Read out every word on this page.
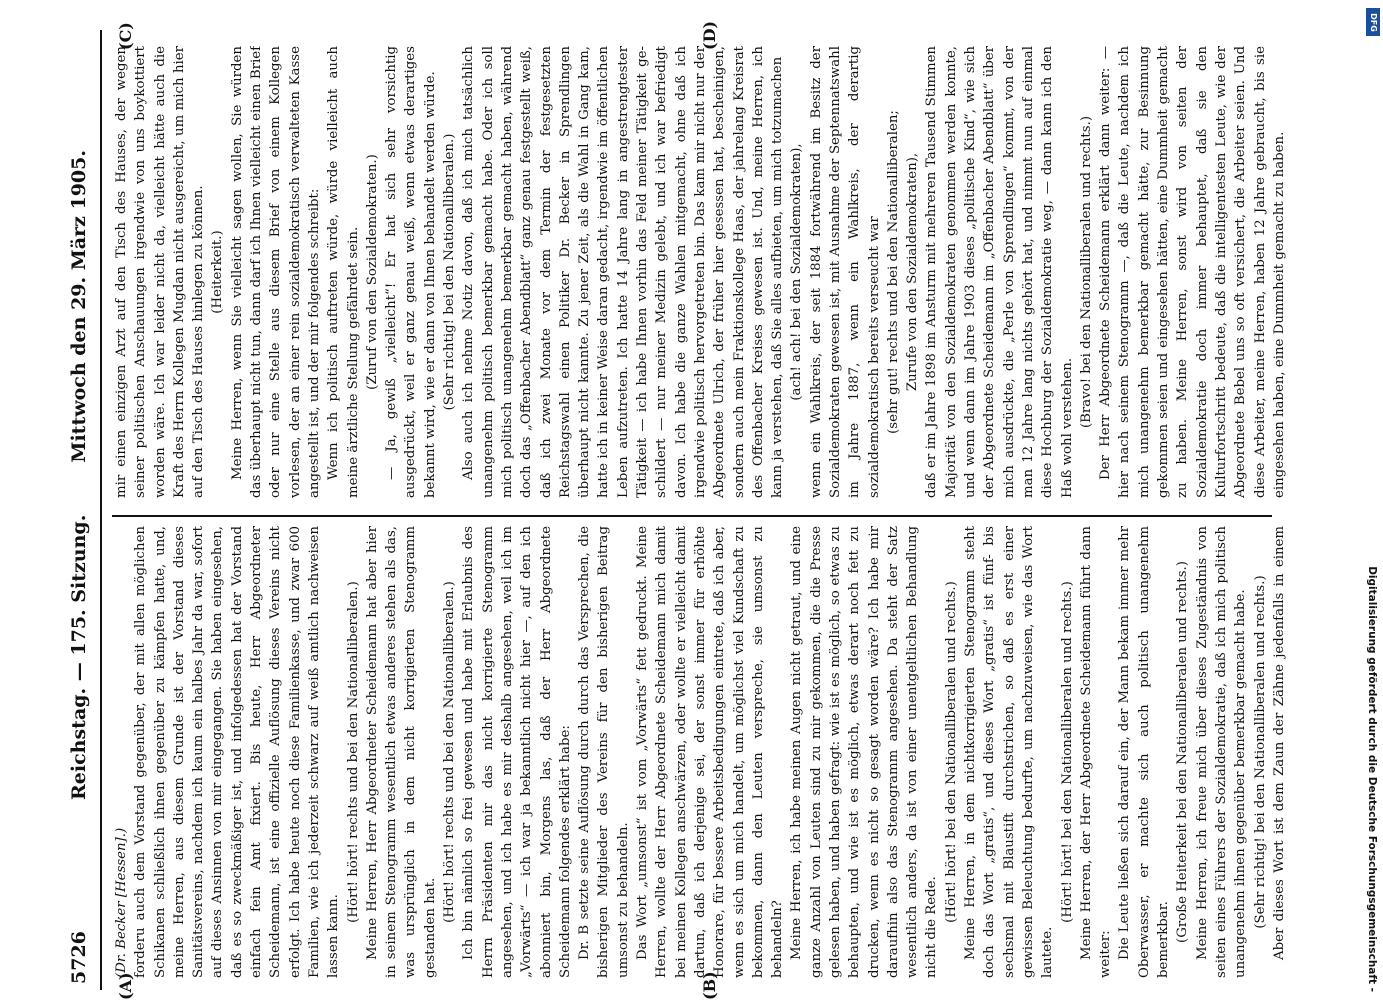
5726
Reichstag. — 175. Sitzung.
Mittwoch den 29. März 1905.
(A)	(B)
(C)	(D)

(Dr. Becker [Hessen].) forderu auch dem Vorstand gegenüber, der mit allen möglichen Schikanen schließlich ihnen gegenüber zu kämpfen hatte, und, meine Herren, aus diesem Grunde ist der Vorstand dieses Sanitätsvereins, nachdem ich kaum ein halbes Jahr da war, sofort auf dieses Ansinnen von mir eingegangen. Sie haben eingesehen, daß es so zweckmäßiger ist, und infolgedessen hat der Vorstand einfach fein Amt fixiert. Bis heute, Herr Abgeordneter Scheidemann, ist eine offizielle Auflösung dieses Vereins nicht erfolgt. Ich habe heute noch diese Familienkasse, und zwar 600 Familien, wie ich jederzeit schwarz auf weiß amtlich nachweisen lassen kann.

(Hört! hört! rechts und bei den Nationalliberalen.) Meine Herren, Herr Abgeordneter Scheidemann hat aber hier in seinem Stenogramm wesentlich etwas anderes stehen als das, was ursprünglich in dem nicht korrigierten Stenogramm gestanden hat.

(Hört! hört! rechts und bei den Nationalliberalen.) Ich bin nämlich so frei gewesen und habe mit Erlaubnis des Herrn Präsidenten mir das nicht korrigierte Stenogramm angesehen, und ich habe es mir deshalb angesehen, weil ich im „Vorwärts“ — ich war ja bekanntlich nicht hier —, auf den ich abonniert bin, Morgens las, daß der Herr Abgeordnete Scheidemann folgendes erklärt habe: Dr. B setzte seine Auflösung durch durch das Versprechen, die bisherigen Mitglieder des Vereins für den bisherigen Beitrag umsonst zu behandeln. Das Wort „umsonst“ ist vom „Vorwärts“ fett gedruckt. Meine Herren, wollte der Herr Abgeordnete Scheidemann mich damit bei meinen Kollegen anschwärzen, oder wollte er vielleicht damit dartun, daß ich derjenige sei, der sonst immer für erhöhte Honorare, für bessere Arbeitsbedingungen eintrete, daß ich aber, wenn es sich um mich handelt, um möglichst viel Kundschaft zu bekommen, dann den Leuten verspreche, sie umsonst zu behandeln? Meine Herren, ich habe meinen Augen nicht getraut, und eine ganze Anzahl von Leuten sind zu mir gekommen, die die Presse gelesen haben, und haben gefragt: wie ist es möglich, so etwas zu behaupten, und wie ist es möglich, etwas derart noch fett zu drucken, wenn es nicht so gesagt worden wäre? Ich habe mir daraufhin also das Stenogramm angesehen. Da steht der Satz wesentlich anders, da ist von einer unentgeltlichen Behandlung nicht die Rede.

(Hört! hört! bei den Nationalliberalen und rechts.) Meine Herren, in dem nichtkorrigierten Stenogramm steht doch das Wort „gratis“, und dieses Wort „gratis“ ist fünf- bis sechsmal mit Blaustift durchstrichen, so daß es erst einer gewissen Beleuchtung bedurfte, um nachzuweisen, wie das Wort lautete.

(Hört! hört! bei den Nationalliberalen und rechts.) Meine Herren, der Herr Abgeordnete Scheidemann führt dann weiter: Die Leute ließen sich darauf ein, der Mann bekam immer mehr Oberwasser, er machte sich auch politisch unangenehm bemerkbar. (Große Heiterkeit bei den Nationalliberalen und rechts.) Meine Herren, ich freue mich über dieses Zugeständnis von seiten eines Führers der Sozialdemokratie, daß ich mich politisch unangenehm ihnen gegenüber bemerkbar gemacht habe. (Sehr richtig! bei den Nationalliberalen und rechts.)

Aber dieses Wort ist dem Zaun der Zähne jedenfalls in einem

mir einen einzigen Arzt auf den Tisch des Hauses, der wegen seiner politischen Anschauungen irgendwie von uns boykottiert worden wäre. Ich war leider nicht da, vielleicht hätte auch die Kraft des Herrn Kollegen Mugdan nicht ausgereicht, um mich hier auf den Tisch des Hauses hinlegen zu können. (Heiterkeit.) Meine Herren, wenn Sie vielleicht sagen wollen, Sie würden das überhaupt nicht tun, dann darf ich Ihnen vielleicht einen Brief oder nur eine Stelle aus diesem Brief von einem Kollegen vorlesen, der an einer rein sozialdemokratisch verwalteten Kasse angestellt ist, und der mir folgendes schreibt: Wenn ich politisch auftreten würde, würde vielleicht auch meine ärztliche Stellung gefährdet sein. (Zuruf von den Sozialdemokraten.) — Ja, gewiß „vielleicht“! Er hat sich sehr vorsichtig ausgedrückt, weil er ganz genau weiß, wenn etwas derartiges bekannt wird, wie er dann von Ihnen behandelt werden würde. (Sehr richtig! bei den Nationalliberalen.) Also auch ich nehme Notiz davon, daß ich mich tatsächlich unangenehm politisch bemerkbar gemacht habe. Oder ich soll mich politisch unangenehm bemerkbar gemacht haben, während doch das „Offenbacher Abendblatt“ ganz genau festgestellt weiß, daß ich zwei Monate vor dem Termin der festgesetzten Reichstagswahl einen Politiker Dr. Becker in Sprendlingen überhaupt nicht kannte. Zu jener Zeit, als die Wahl in Gang kam, hatte ich in keiner Weise daran gedacht, irgendwie im öffentlichen Leben aufzutreten. Ich hatte 14 Jahre lang in angestrengtester Tätigkeit — ich habe Ihnen vorhin das Feld meiner Tätigkeit geschildert — nur meiner Medizin gelebt, und ich war befriedigt davon. Ich habe die ganze Wahlen mitgemacht, ohne daß ich irgendwie politisch hervorgetreten bin. Das kam mir nicht nur der Abgeordnete Ulrich, der früher hier gesessen hat, bescheinigen, sondern auch mein Fraktionskollege Haas, der jahrelang Kreisrat des Offenbacher Kreises gewesen ist. Und, meine Herren, ich kann ja verstehen, daß Sie alles aufbieten, um mich totzumachen (ach! ach! bei den Sozialdemokraten), wenn ein Wahlkreis, der seit 1884 fortwährend im Besitz der Sozialdemokraten gewesen ist, mit Ausnahme der Septennatswahl im Jahre 1887, wenn ein Wahlkreis, der derartig sozialdemokratisch bereits verseucht war (sehr gut! rechts und bei den Nationalliberalen; Zurufe von den Sozialdemokraten), daß er im Jahre 1898 im Ansturm mit mehreren Tausend Stimmen Majorität von den Sozialdemokraten genommen werden konnte, und wenn dann im Jahre 1903 dieses „politische Kind“, wie sich der Abgeordnete Scheidemann im „Offenbacher Abendblatt“ über mich ausdrückte, die „Perle von Sprendlingen“ kommt, von der man 12 Jahre lang nichts gehört hat, und nimmt nun auf einmal diese Hochburg der Sozialdemokratie weg, — dann kann ich den Haß wohl verstehen. (Bravo! bei den Nationalliberalen und rechts.) Der Herr Abgeordnete Scheidemann erklärt dann weiter: — hier nach seinem Stenogramm —, daß die Leute, nachdem ich mich unangenehm bemerkbar gemacht hätte, zur Besinnung gekommen seien und eingesehen hätten, eine Dummheit gemacht zu haben. Meine Herren, sonst wird von seiten der Sozialdemokratie doch immer behauptet, daß sie den Kulturfortschritt bedeute, daß die intelligentesten Leute, wie der Abgeordnete Bebel uns so oft versichert, die Arbeiter seien. Und diese Arbeiter, meine Herren, haben 12 Jahre gebraucht, bis sie eingesehen haben, eine Dummheit gemacht zu haben.

Digitalisierung gefördert durch die Deutsche Forschungsgemeinschaft -
DFG
